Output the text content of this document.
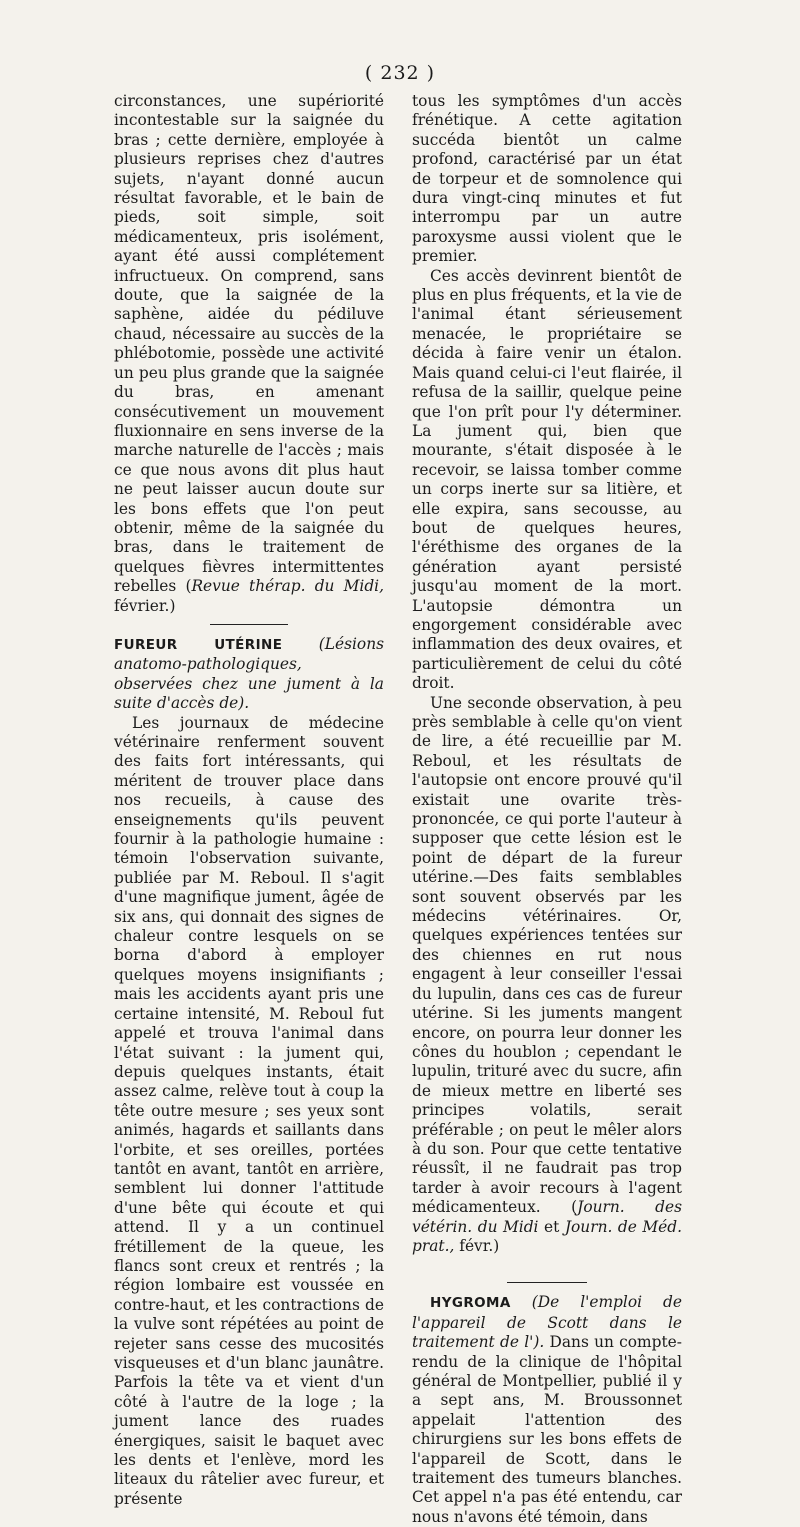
( 232 )

circonstances, une supériorité incontestable sur la saignée du bras ; cette dernière, employée à plusieurs reprises chez d'autres sujets, n'ayant donné aucun résultat favorable, et le bain de pieds, soit simple, soit médicamenteux, pris isolément, ayant été aussi complétement infructueux. On comprend, sans doute, que la saignée de la saphène, aidée du pédiluve chaud, nécessaire au succès de la phlébotomie, possède une activité un peu plus grande que la saignée du bras, en amenant consécutivement un mouvement fluxionnaire en sens inverse de la marche naturelle de l'accès ; mais ce que nous avons dit plus haut ne peut laisser aucun doute sur les bons effets que l'on peut obtenir, même de la saignée du bras, dans le traitement de quelques fièvres intermittentes rebelles (Revue thérap. du Midi, février.)

FUREUR UTÉRINE (Lésions anatomo-pathologiques, observées chez une jument à la suite d'accès de).

Les journaux de médecine vétérinaire renferment souvent des faits fort intéressants, qui méritent de trouver place dans nos recueils, à cause des enseignements qu'ils peuvent fournir à la pathologie humaine : témoin l'observation suivante, publiée par M. Reboul. Il s'agit d'une magnifique jument, âgée de six ans, qui donnait des signes de chaleur contre lesquels on se borna d'abord à employer quelques moyens insignifiants ; mais les accidents ayant pris une certaine intensité, M. Reboul fut appelé et trouva l'animal dans l'état suivant : la jument qui, depuis quelques instants, était assez calme, relève tout à coup la tête outre mesure ; ses yeux sont animés, hagards et saillants dans l'orbite, et ses oreilles, portées tantôt en avant, tantôt en arrière, semblent lui donner l'attitude d'une bête qui écoute et qui attend. Il y a un continuel frétillement de la queue, les flancs sont creux et rentrés ; la région lombaire est voussée en contre-haut, et les contractions de la vulve sont répétées au point de rejeter sans cesse des mucosités visqueuses et d'un blanc jaunâtre. Parfois la tête va et vient d'un côté à l'autre de la loge ; la jument lance des ruades énergiques, saisit le baquet avec les dents et l'enlève, mord les liteaux du râtelier avec fureur, et présente

tous les symptômes d'un accès frénétique. A cette agitation succéda bientôt un calme profond, caractérisé par un état de torpeur et de somnolence qui dura vingt-cinq minutes et fut interrompu par un autre paroxysme aussi violent que le premier.

Ces accès devinrent bientôt de plus en plus fréquents, et la vie de l'animal étant sérieusement menacée, le propriétaire se décida à faire venir un étalon. Mais quand celui-ci l'eut flairée, il refusa de la saillir, quelque peine que l'on prît pour l'y déterminer. La jument qui, bien que mourante, s'était disposée à le recevoir, se laissa tomber comme un corps inerte sur sa litière, et elle expira, sans secousse, au bout de quelques heures, l'éréthisme des organes de la génération ayant persisté jusqu'au moment de la mort. L'autopsie démontra un engorgement considérable avec inflammation des deux ovaires, et particulièrement de celui du côté droit.

Une seconde observation, à peu près semblable à celle qu'on vient de lire, a été recueillie par M. Reboul, et les résultats de l'autopsie ont encore prouvé qu'il existait une ovarite très-prononcée, ce qui porte l'auteur à supposer que cette lésion est le point de départ de la fureur utérine.—Des faits semblables sont souvent observés par les médecins vétérinaires. Or, quelques expériences tentées sur des chiennes en rut nous engagent à leur conseiller l'essai du lupulin, dans ces cas de fureur utérine. Si les juments mangent encore, on pourra leur donner les cônes du houblon ; cependant le lupulin, trituré avec du sucre, afin de mieux mettre en liberté ses principes volatils, serait préférable ; on peut le mêler alors à du son. Pour que cette tentative réussît, il ne faudrait pas trop tarder à avoir recours à l'agent médicamenteux. (Journ. des vétérin. du Midi et Journ. de Méd. prat., févr.)

HYGROMA (De l'emploi de l'appareil de Scott dans le traitement de l'). Dans un compte-rendu de la clinique de l'hôpital général de Montpellier, publié il y a sept ans, M. Broussonnet appelait l'attention des chirurgiens sur les bons effets de l'appareil de Scott, dans le traitement des tumeurs blanches. Cet appel n'a pas été entendu, car nous n'avons été témoin, dans
